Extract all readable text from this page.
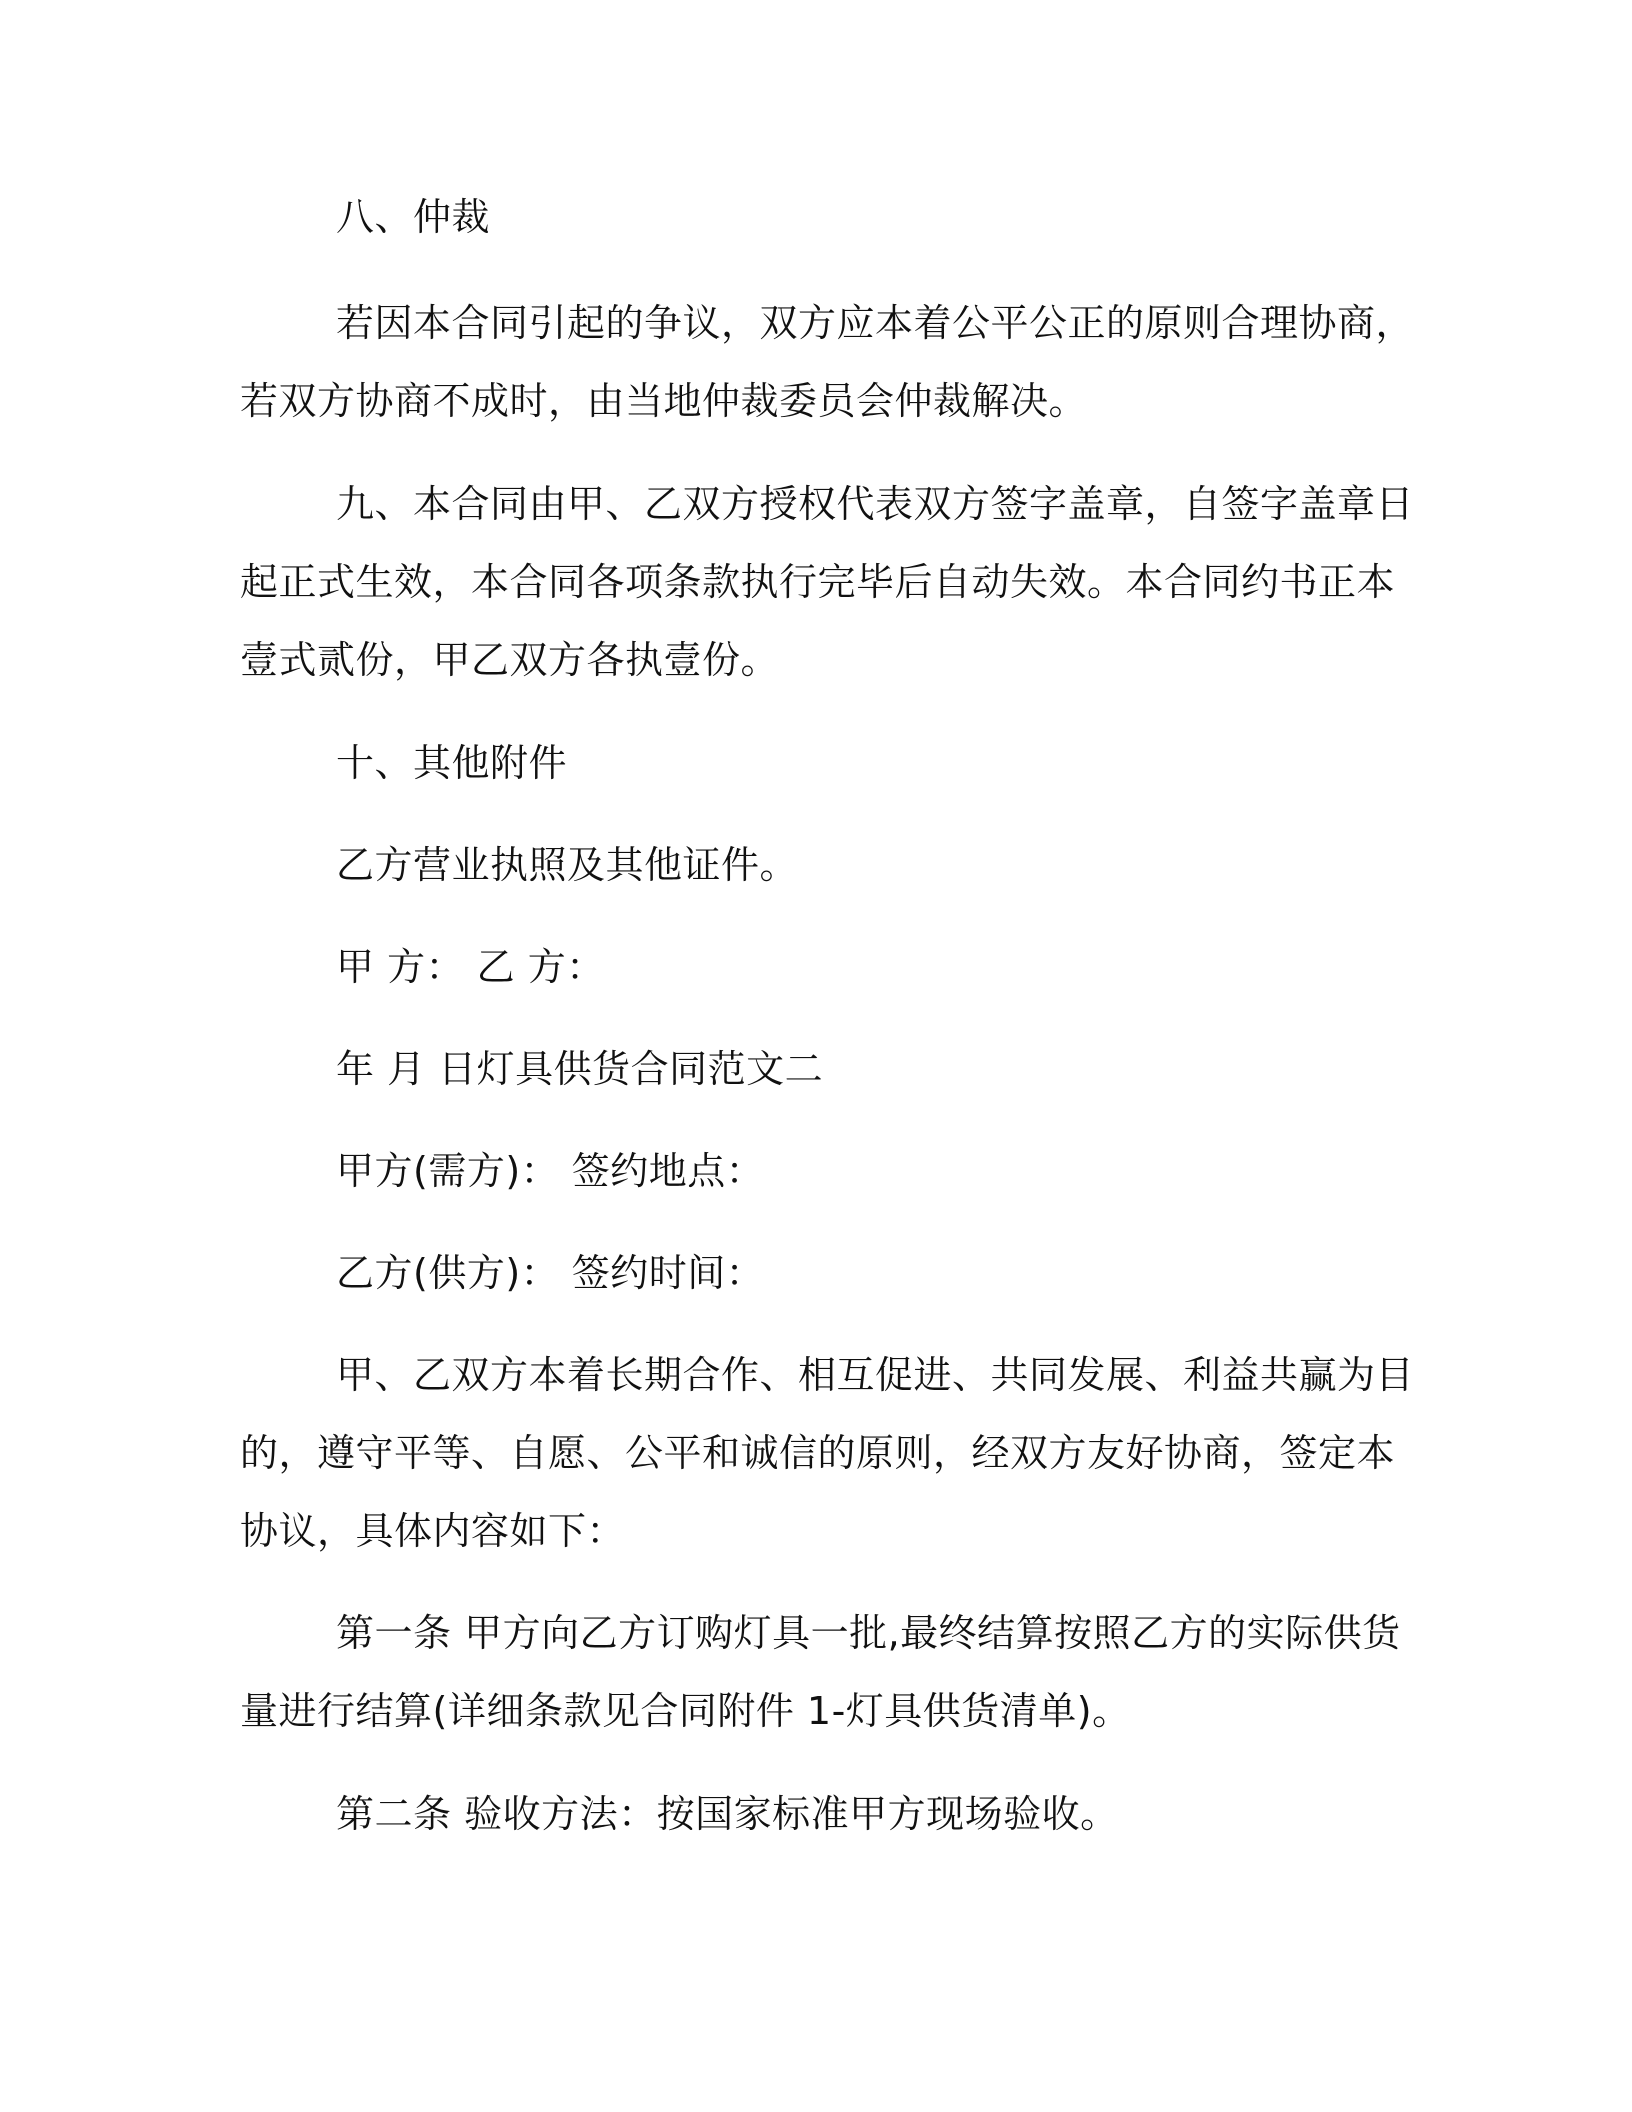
八、仲裁

若因本合同引起的争议，双方应本着公平公正的原则合理协商，
若双方协商不成时，由当地仲裁委员会仲裁解决。

九、本合同由甲、乙双方授权代表双方签字盖章，自签字盖章日
起正式生效，本合同各项条款执行完毕后自动失效。本合同约书正本
壹式贰份，甲乙双方各执壹份。

十、其他附件

乙方营业执照及其他证件。

甲 方： 乙 方：

年 月 日灯具供货合同范文二

甲方(需方)： 签约地点：

乙方(供方)： 签约时间：

甲、乙双方本着长期合作、相互促进、共同发展、利益共赢为目
的，遵守平等、自愿、公平和诚信的原则，经双方友好协商，签定本
协议，具体内容如下：

第一条 甲方向乙方订购灯具一批,最终结算按照乙方的实际供货
量进行结算(详细条款见合同附件 1-灯具供货清单)。

第二条 验收方法：按国家标准甲方现场验收。
